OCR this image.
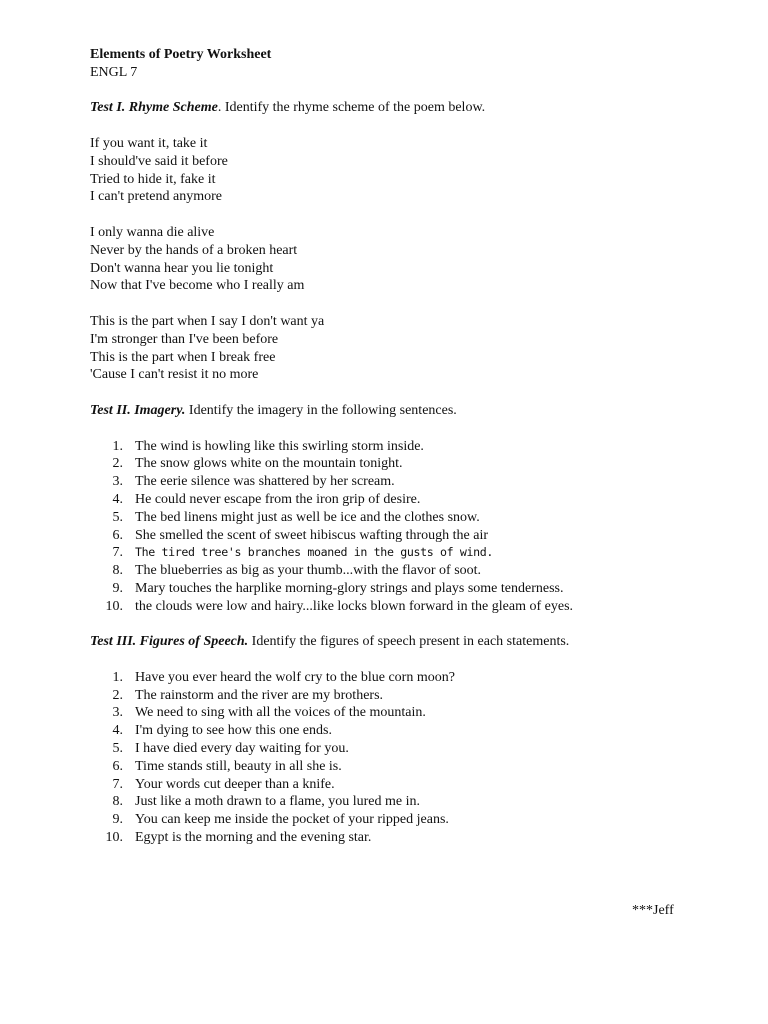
Elements of Poetry Worksheet
ENGL 7
Test I. Rhyme Scheme. Identify the rhyme scheme of the poem below.
If you want it, take it
I should've said it before
Tried to hide it, fake it
I can't pretend anymore
I only wanna die alive
Never by the hands of a broken heart
Don't wanna hear you lie tonight
Now that I've become who I really am
This is the part when I say I don't want ya
I'm stronger than I've been before
This is the part when I break free
'Cause I can't resist it no more
Test II. Imagery. Identify the imagery in the following sentences.
1. The wind is howling like this swirling storm inside.
2. The snow glows white on the mountain tonight.
3. The eerie silence was shattered by her scream.
4. He could never escape from the iron grip of desire.
5. The bed linens might just as well be ice and the clothes snow.
6. She smelled the scent of sweet hibiscus wafting through the air
7. The tired tree's branches moaned in the gusts of wind.
8. The blueberries as big as your thumb...with the flavor of soot.
9. Mary touches the harplike morning-glory strings and plays some tenderness.
10. the clouds were low and hairy...like locks blown forward in the gleam of eyes.
Test III. Figures of Speech. Identify the figures of speech present in each statements.
1. Have you ever heard the wolf cry to the blue corn moon?
2. The rainstorm and the river are my brothers.
3. We need to sing with all the voices of the mountain.
4. I'm dying to see how this one ends.
5. I have died every day waiting for you.
6. Time stands still, beauty in all she is.
7. Your words cut deeper than a knife.
8. Just like a moth drawn to a flame, you lured me in.
9. You can keep me inside the pocket of your ripped jeans.
10. Egypt is the morning and the evening star.
***Jeff
